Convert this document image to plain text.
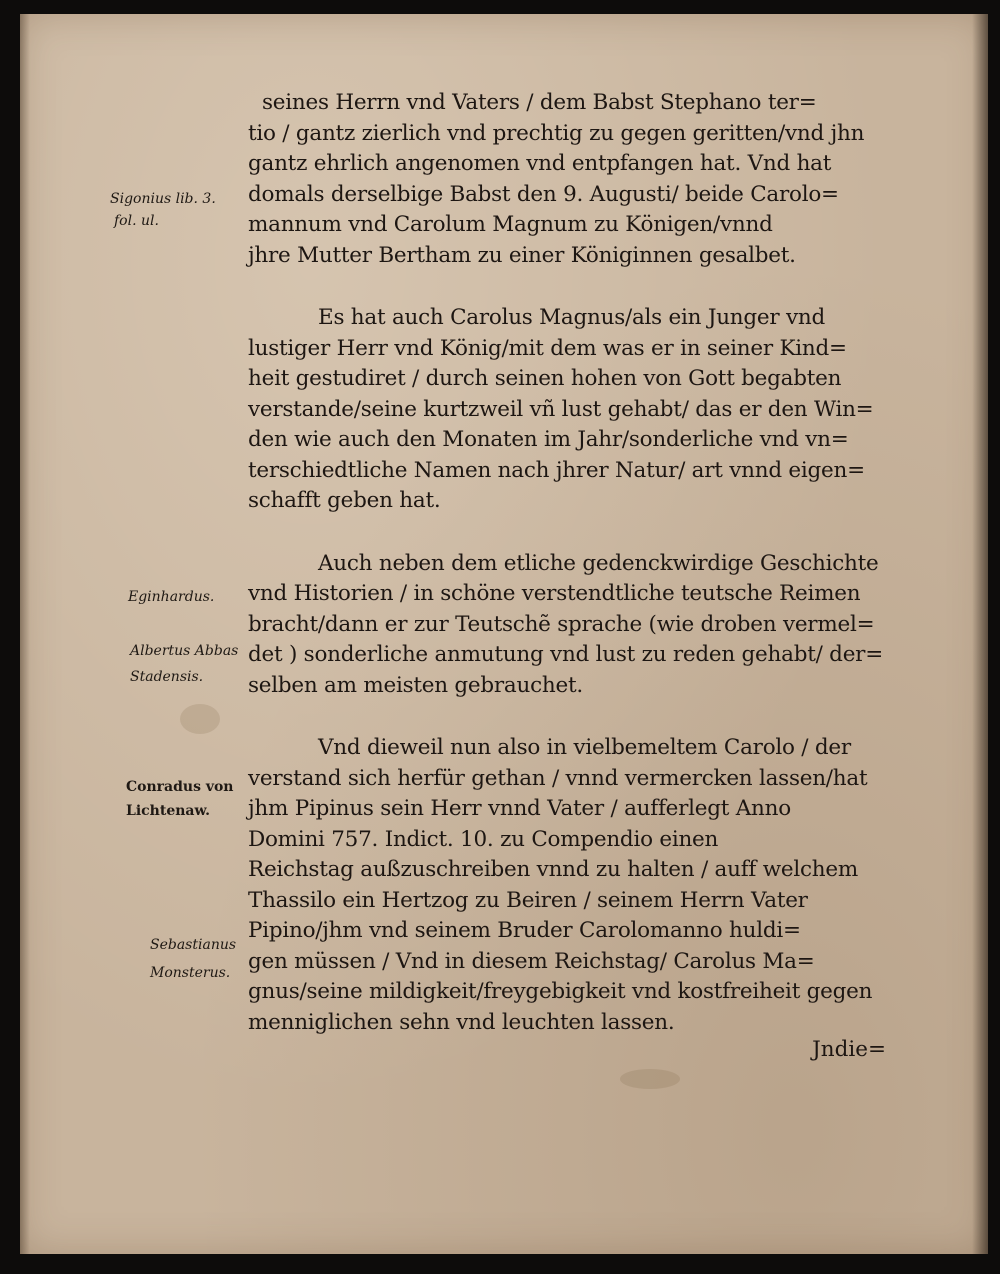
Sigonius lib. 3.
fol. ul.
Eginhardus.
Albertus Abbas
Stadensis.
Conradus von
Lichtenaw.
Sebastianus
Monsterus.
seines Herrn vnd Vaters / dem Babst Stephano ter=
tio / gantz zierlich vnd prechtig zu gegen geritten/vnd jhn
gantz ehrlich angenomen vnd entpfangen hat. Vnd hat
domals derselbige Babst den 9. Augusti/ beide Carolo=
mannum vnd Carolum Magnum zu Königen/vnnd
jhre Mutter Bertham zu einer Königinnen gesalbet.
Es hat auch Carolus Magnus/als ein Junger vnd
lustiger Herr vnd König/mit dem was er in seiner Kind=
heit gestudiret / durch seinen hohen von Gott begabten
verstande/seine kurtzweil vñ lust gehabt/ das er den Win=
den wie auch den Monaten im Jahr/sonderliche vnd vn=
terschiedtliche Namen nach jhrer Natur/ art vnnd eigen=
schafft geben hat.
Auch neben dem etliche gedenckwirdige Geschichte
vnd Historien / in schöne verstendtliche teutsche Reimen
bracht/dann er zur Teutschẽ sprache (wie droben vermel=
det ) sonderliche anmutung vnd lust zu reden gehabt/ der=
selben am meisten gebrauchet.
Vnd dieweil nun also in vielbemeltem Carolo / der
verstand sich herfür gethan / vnnd vermercken lassen/hat
jhm Pipinus sein Herr vnnd Vater / aufferlegt Anno
Domini 757. Indict. 10. zu Compendio einen
Reichstag außzuschreiben vnnd zu halten / auff welchem
Thassilo ein Hertzog zu Beiren / seinem Herrn Vater
Pipino/jhm vnd seinem Bruder Carolomanno huldi=
gen müssen / Vnd in diesem Reichstag/ Carolus Ma=
gnus/seine mildigkeit/freygebigkeit vnd kostfreiheit gegen
menniglichen sehn vnd leuchten lassen.
Jndie=
